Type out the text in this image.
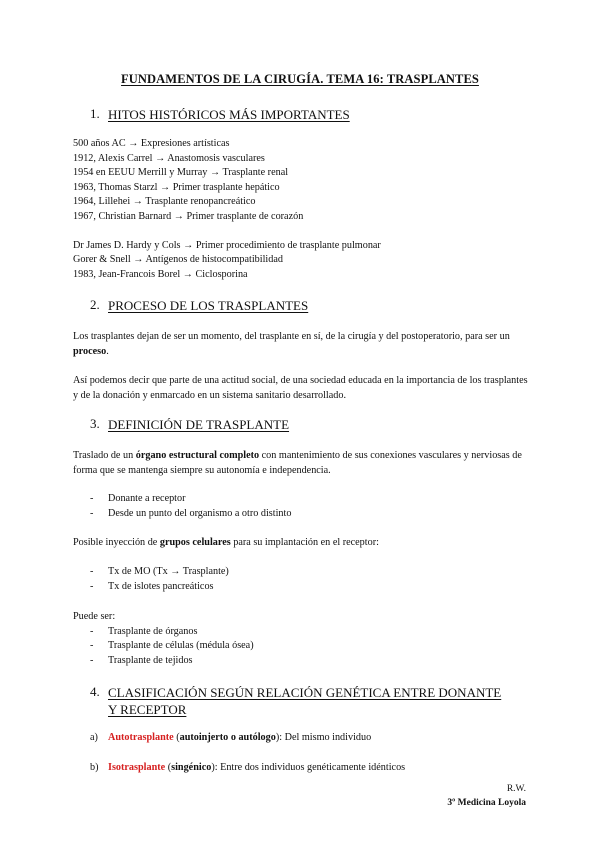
FUNDAMENTOS DE LA CIRUGÍA. TEMA 16: TRASPLANTES
1. HITOS HISTÓRICOS MÁS IMPORTANTES
500 años AC → Expresiones artísticas
1912, Alexis Carrel → Anastomosis vasculares
1954 en EEUU Merrill y Murray → Trasplante renal
1963, Thomas Starzl → Primer trasplante hepático
1964, Lillehei → Trasplante renopancreático
1967, Christian Barnard → Primer trasplante de corazón
Dr James D. Hardy y Cols → Primer procedimiento de trasplante pulmonar
Gorer & Snell → Antígenos de histocompatibilidad
1983, Jean-Francois Borel → Ciclosporina
2. PROCESO DE LOS TRASPLANTES
Los trasplantes dejan de ser un momento, del trasplante en sí, de la cirugía y del postoperatorio, para ser un proceso.
Así podemos decir que parte de una actitud social, de una sociedad educada en la importancia de los trasplantes y de la donación y enmarcado en un sistema sanitario desarrollado.
3. DEFINICIÓN DE TRASPLANTE
Traslado de un órgano estructural completo con mantenimiento de sus conexiones vasculares y nerviosas de forma que se mantenga siempre su autonomía e independencia.
- Donante a receptor
- Desde un punto del organismo a otro distinto
Posible inyección de grupos celulares para su implantación en el receptor:
- Tx de MO (Tx → Trasplante)
- Tx de islotes pancreáticos
Puede ser:
- Trasplante de órganos
- Trasplante de células (médula ósea)
- Trasplante de tejidos
4. CLASIFICACIÓN SEGÚN RELACIÓN GENÉTICA ENTRE DONANTE Y RECEPTOR
a) Autotrasplante (autoinjerto o autólogo): Del mismo individuo
b) Isotrasplante (singénico): Entre dos individuos genéticamente idénticos
R.W.
3º Medicina Loyola
